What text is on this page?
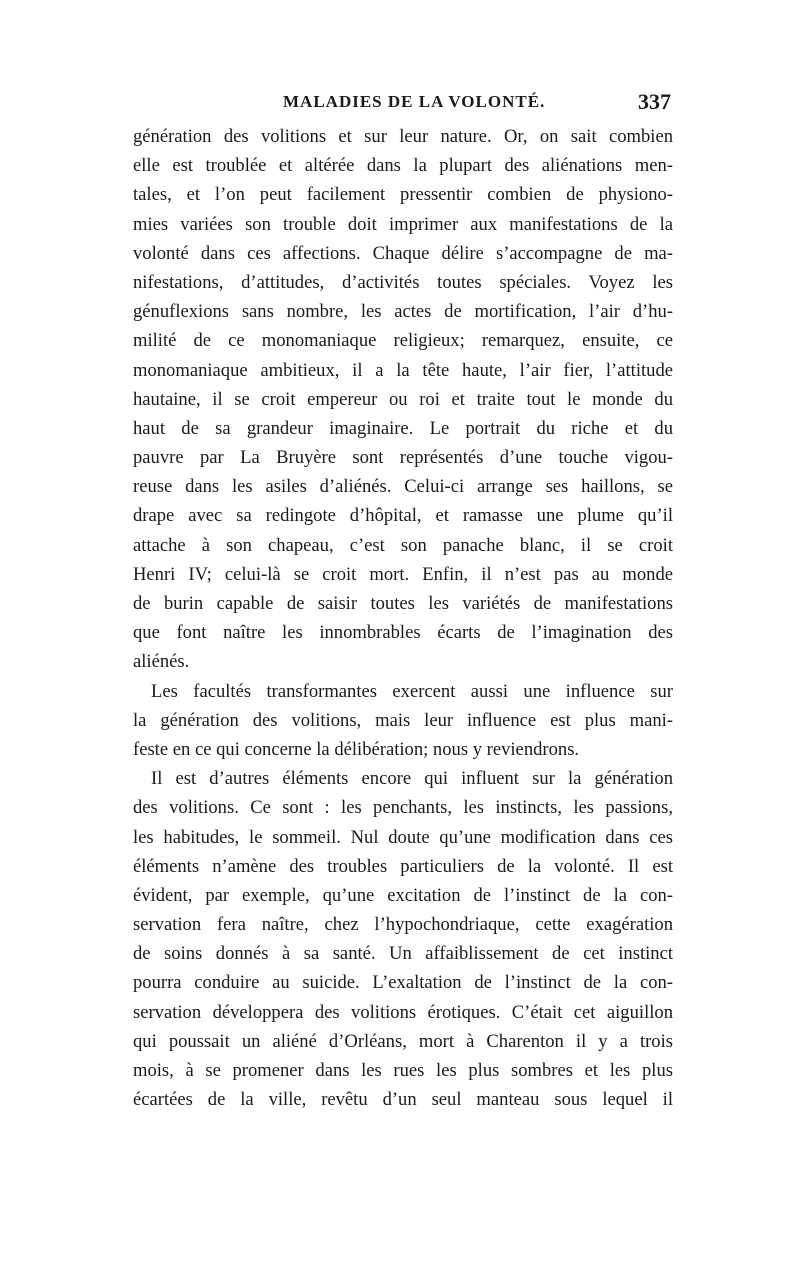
MALADIES DE LA VOLONTÉ.	337
génération des volitions et sur leur nature. Or, on sait combien
elle est troublée et altérée dans la plupart des aliénations men-
tales, et l’on peut facilement pressentir combien de physiono-
mies variées son trouble doit imprimer aux manifestations de la
volonté dans ces affections. Chaque délire s’accompagne de ma-
nifestations, d’attitudes, d’activités toutes spéciales. Voyez les
génuflexions sans nombre, les actes de mortification, l’air d’hu-
milité de ce monomaniaque religieux; remarquez, ensuite, ce
monomaniaque ambitieux, il a la tête haute, l’air fier, l’attitude
hautaine, il se croit empereur ou roi et traite tout le monde du
haut de sa grandeur imaginaire. Le portrait du riche et du
pauvre par La Bruyère sont représentés d’une touche vigou-
reuse dans les asiles d’aliénés. Celui-ci arrange ses haillons, se
drape avec sa redingote d’hôpital, et ramasse une plume qu’il
attache à son chapeau, c’est son panache blanc, il se croit
Henri IV; celui-là se croit mort. Enfin, il n’est pas au monde
de burin capable de saisir toutes les variétés de manifestations
que font naître les innombrables écarts de l’imagination des
aliénés.
Les facultés transformantes exercent aussi une influence sur
la génération des volitions, mais leur influence est plus mani-
feste en ce qui concerne la délibération; nous y reviendrons.
Il est d’autres éléments encore qui influent sur la génération
des volitions. Ce sont : les penchants, les instincts, les passions,
les habitudes, le sommeil. Nul doute qu’une modification dans ces
éléments n’amène des troubles particuliers de la volonté. Il est
évident, par exemple, qu’une excitation de l’instinct de la con-
servation fera naître, chez l’hypochondriaque, cette exagération
de soins donnés à sa santé. Un affaiblissement de cet instinct
pourra conduire au suicide. L’exaltation de l’instinct de la con-
servation développera des volitions érotiques. C’était cet aiguillon
qui poussait un aliéné d’Orléans, mort à Charenton il y a trois
mois, à se promener dans les rues les plus sombres et les plus
écartées de la ville, revêtu d’un seul manteau sous lequel il
